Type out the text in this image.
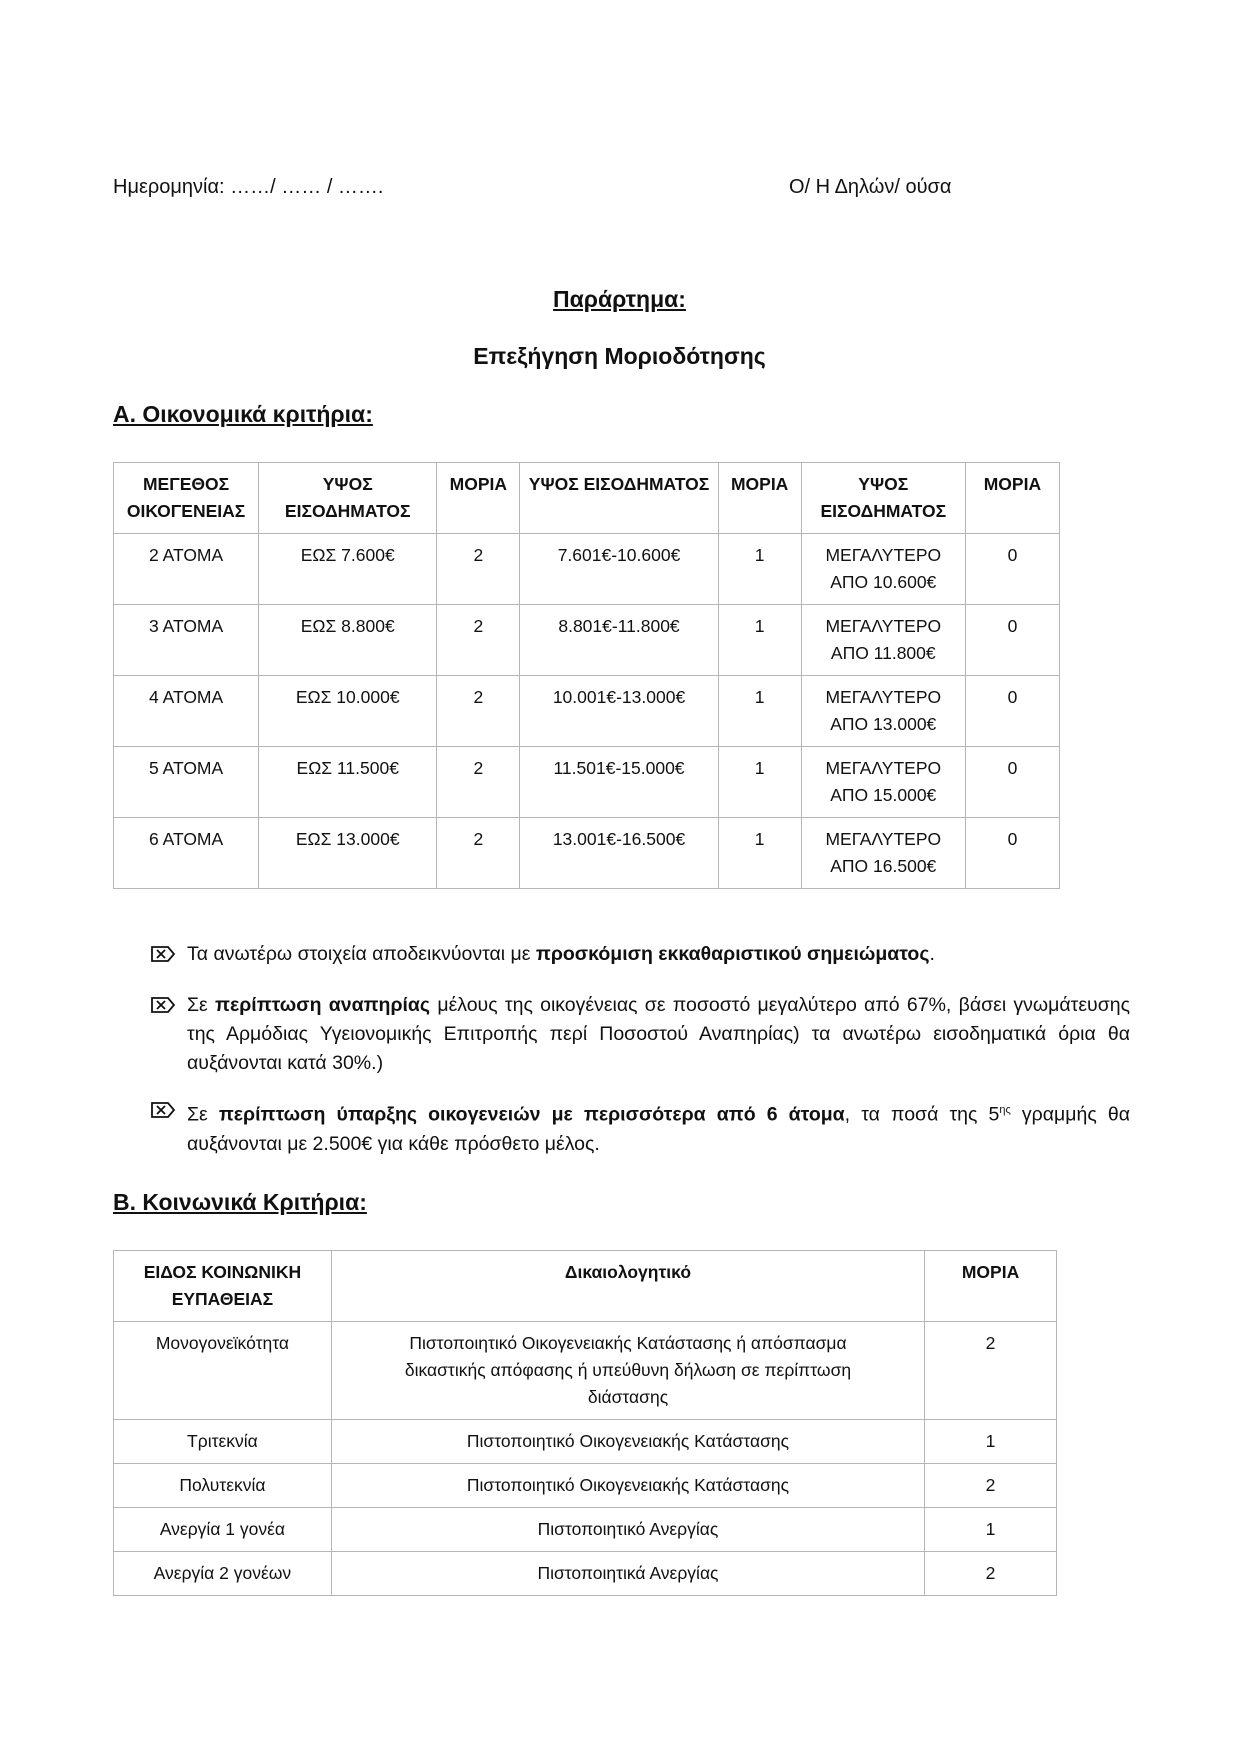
Ημερομηνία: ……/ …… / …….	Ο/ Η Δηλών/ ούσα
Παράρτημα:
Επεξήγηση Μοριοδότησης
Α. Οικονομικά κριτήρια:
ΜΕΓΕΘΟΣ ΟΙΚΟΓΕΝΕΙΑΣ	ΥΨΟΣ ΕΙΣΟΔΗΜΑΤΟΣ	ΜΟΡΙΑ	ΥΨΟΣ ΕΙΣΟΔΗΜΑΤΟΣ	ΜΟΡΙΑ	ΥΨΟΣ ΕΙΣΟΔΗΜΑΤΟΣ	ΜΟΡΙΑ
2 ΑΤΟΜΑ	ΕΩΣ 7.600€	2	7.601€-10.600€	1	ΜΕΓΑΛΥΤΕΡΟ ΑΠΟ 10.600€	0
3 ΑΤΟΜΑ	ΕΩΣ 8.800€	2	8.801€-11.800€	1	ΜΕΓΑΛΥΤΕΡΟ ΑΠΟ 11.800€	0
4 ΑΤΟΜΑ	ΕΩΣ 10.000€	2	10.001€-13.000€	1	ΜΕΓΑΛΥΤΕΡΟ ΑΠΟ 13.000€	0
5 ΑΤΟΜΑ	ΕΩΣ 11.500€	2	11.501€-15.000€	1	ΜΕΓΑΛΥΤΕΡΟ ΑΠΟ 15.000€	0
6 ΑΤΟΜΑ	ΕΩΣ 13.000€	2	13.001€-16.500€	1	ΜΕΓΑΛΥΤΕΡΟ ΑΠΟ 16.500€	0
Τα ανωτέρω στοιχεία αποδεικνύονται με προσκόμιση εκκαθαριστικού σημειώματος.
Σε περίπτωση αναπηρίας μέλους της οικογένειας σε ποσοστό μεγαλύτερο από 67%, βάσει γνωμάτευσης της Αρμόδιας Υγειονομικής Επιτροπής περί Ποσοστού Αναπηρίας) τα ανωτέρω εισοδηματικά όρια θα αυξάνονται κατά 30%.)
Σε περίπτωση ύπαρξης οικογενειών με περισσότερα από 6 άτομα, τα ποσά της $5^{\eta\varsigma}$ γραμμής θα αυξάνονται με 2.500€ για κάθε πρόσθετο μέλος.
Β. Κοινωνικά Κριτήρια:
ΕΙΔΟΣ ΚΟΙΝΩΝΙΚΗ ΕΥΠΑΘΕΙΑΣ	Δικαιολογητικό	ΜΟΡΙΑ
Μονογονεϊκότητα	Πιστοποιητικό Οικογενειακής Κατάστασης ή απόσπασμα δικαστικής απόφασης ή υπεύθυνη δήλωση σε περίπτωση διάστασης	2
Τριτεκνία	Πιστοποιητικό Οικογενειακής Κατάστασης	1
Πολυτεκνία	Πιστοποιητικό Οικογενειακής Κατάστασης	2
Ανεργία 1 γονέα	Πιστοποιητικό Ανεργίας	1
Ανεργία 2 γονέων	Πιστοποιητικά Ανεργίας	2
